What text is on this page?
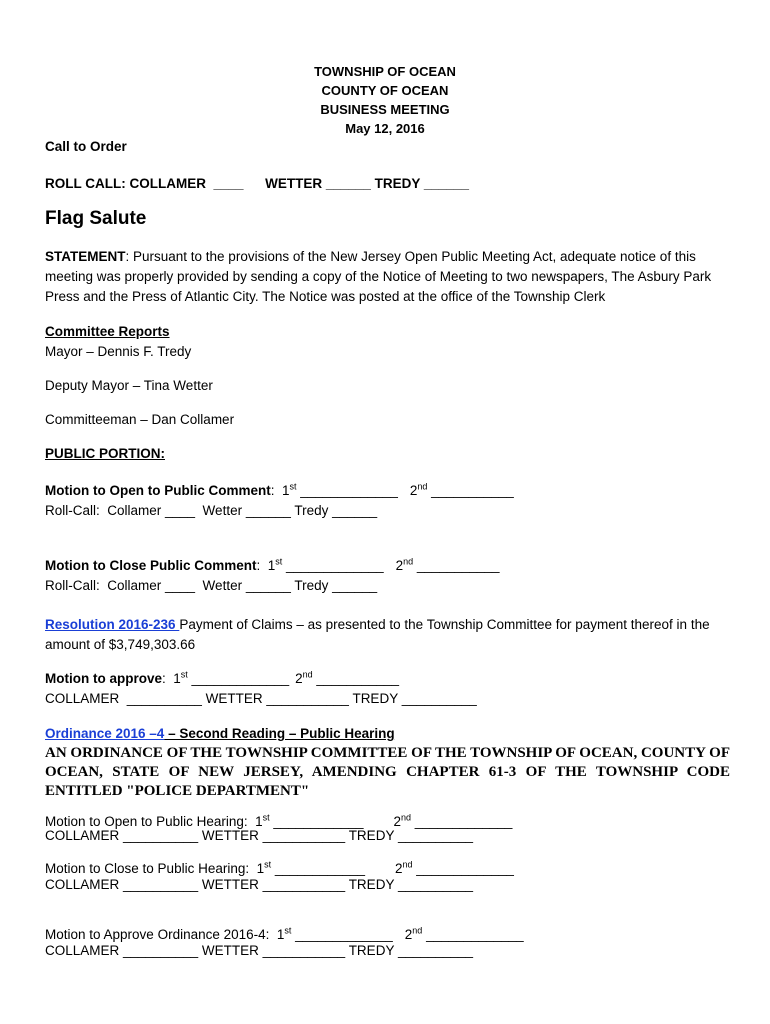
TOWNSHIP OF OCEAN
COUNTY OF OCEAN
BUSINESS MEETING
May 12, 2016
Call to Order
ROLL CALL: COLLAMER  ____ WETTER ______ TREDY ______
Flag Salute
STATEMENT: Pursuant to the provisions of the New Jersey Open Public Meeting Act, adequate notice of this meeting was properly provided by sending a copy of the Notice of Meeting to two newspapers, The Asbury Park Press and the Press of Atlantic City. The Notice was posted at the office of the Township Clerk
Committee Reports
Mayor – Dennis F. Tredy
Deputy Mayor – Tina Wetter
Committeeman – Dan Collamer
PUBLIC PORTION:
Motion to Open to Public Comment:  1st _____________ 2nd ___________
Roll-Call:  Collamer ____  Wetter ______ Tredy ______
Motion to Close Public Comment:  1st _____________ 2nd ___________
Roll-Call:  Collamer ____  Wetter ______ Tredy ______
Resolution 2016-236 Payment of Claims – as presented to the Township Committee for payment thereof in the amount of $3,749,303.66
Motion to approve:  1st _____________ 2nd ___________
COLLAMER  __________ WETTER ___________ TREDY __________
Ordinance 2016 –4 – Second Reading – Public Hearing
AN ORDINANCE OF THE TOWNSHIP COMMITTEE OF THE TOWNSHIP OF OCEAN, COUNTY OF OCEAN, STATE OF NEW JERSEY, AMENDING CHAPTER 61-3 OF THE TOWNSHIP CODE ENTITLED "POLICE DEPARTMENT"
Motion to Open to Public Hearing:  1st ____________ 2nd _____________
COLLAMER __________ WETTER ___________ TREDY __________
Motion to Close to Public Hearing:  1st ____________ 2nd _____________
COLLAMER __________ WETTER ___________ TREDY __________
Motion to Approve Ordinance 2016-4:  1st _____________ 2nd _____________
COLLAMER __________ WETTER ___________ TREDY __________
